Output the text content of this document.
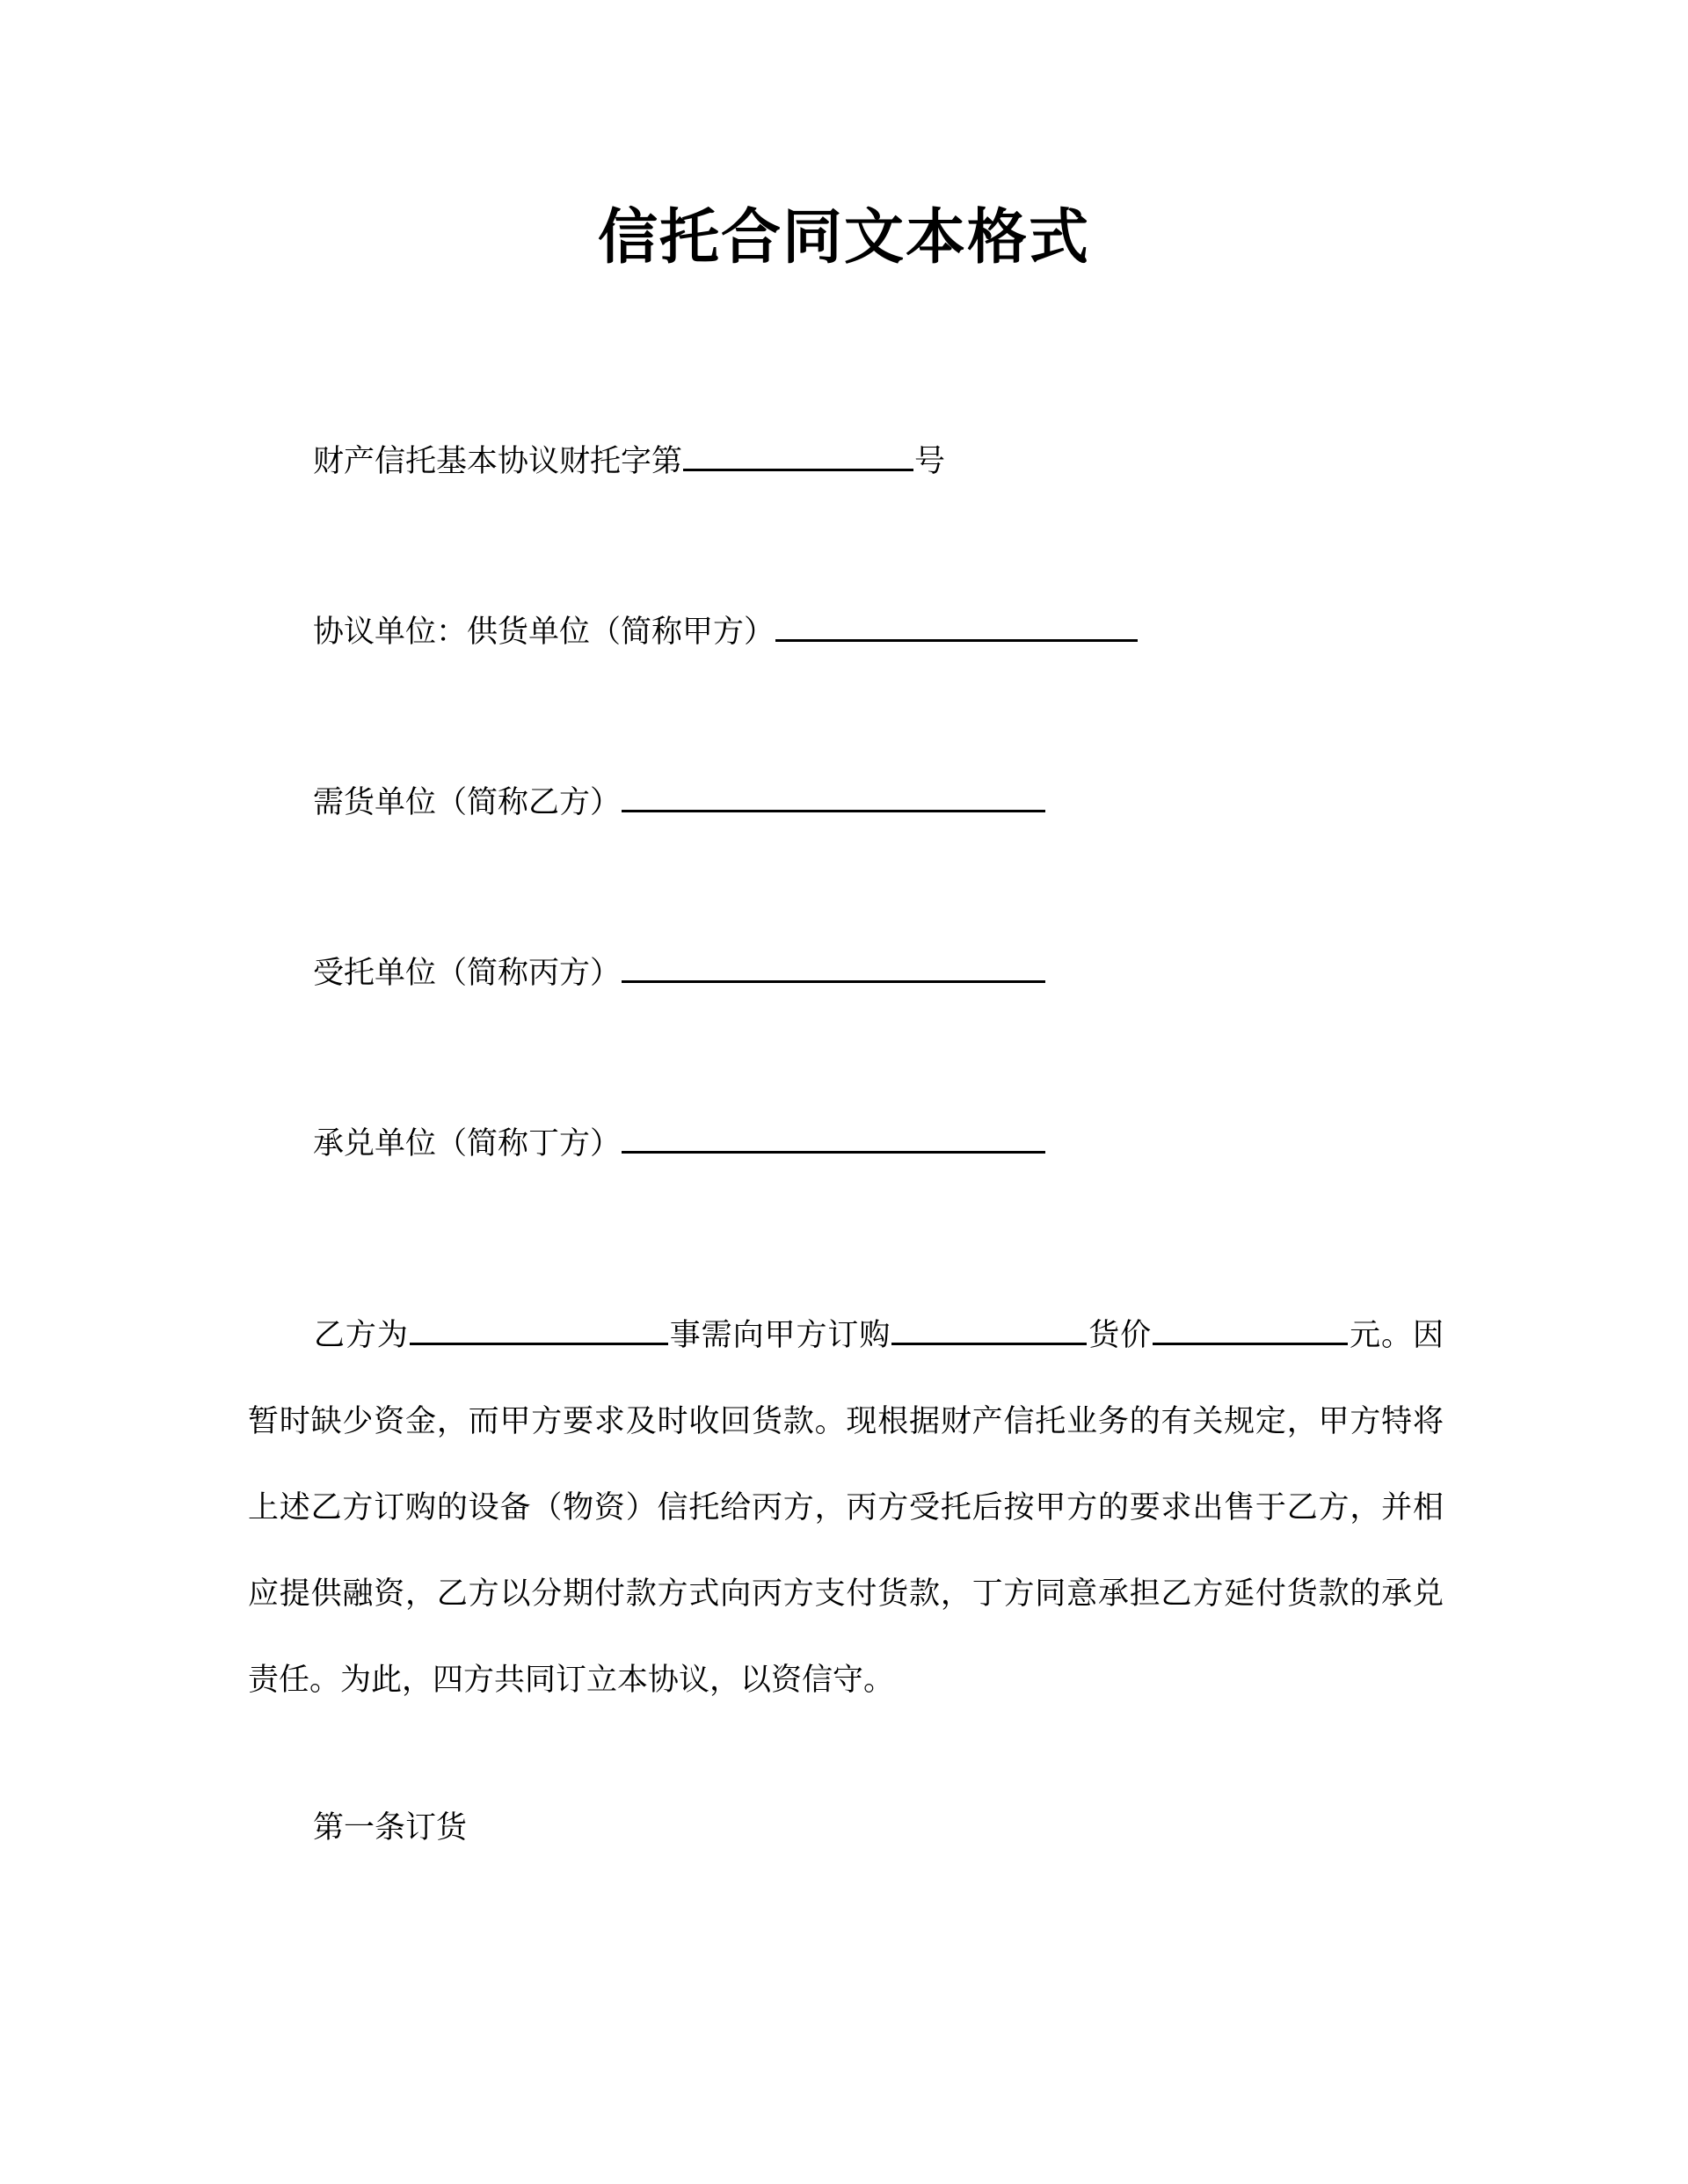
信托合同文本格式
财产信托基本协议财托字第	号
协议单位：供货单位（简称甲方）
需货单位（简称乙方）
受托单位（简称丙方）
承兑单位（简称丁方）

乙方为	事需向甲方订购	货价	元。因暂时缺少资金，而甲方要求及时收回货款。现根据财产信托业务的有关规定，甲方特将上述乙方订购的设备（物资）信托给丙方，丙方受托后按甲方的要求出售于乙方，并相应提供融资，乙方以分期付款方式向丙方支付货款，丁方同意承担乙方延付货款的承兑责任。为此，四方共同订立本协议，以资信守。

第一条订货
